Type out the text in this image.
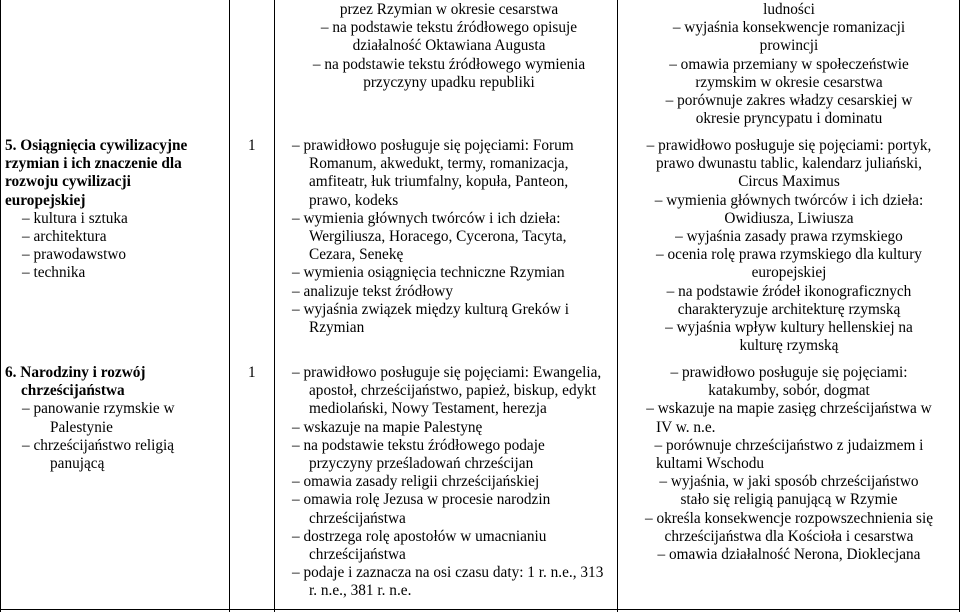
5. Osiągnięcia cywilizacyjne
rzymian i ich znaczenie dla
rozwoju cywilizacji
europejskiej
– kultura i sztuka
– architektura
– prawodawstwo
– technika
6. Narodziny i rozwój
chrześcijaństwa
– panowanie rzymskie w
Palestynie
– chrześcijaństwo religią
panującą
1
1
przez Rzymian w okresie cesarstwa
– na podstawie tekstu źródłowego opisuje
działalność Oktawiana Augusta
– na podstawie tekstu źródłowego wymienia
przyczyny upadku republiki
– prawidłowo posługuje się pojęciami: Forum
Romanum, akwedukt, termy, romanizacja,
amfiteatr, łuk triumfalny, kopuła, Panteon,
prawo, kodeks
– wymienia głównych twórców i ich dzieła:
Wergiliusza, Horacego, Cycerona, Tacyta,
Cezara, Senekę
– wymienia osiągnięcia techniczne Rzymian
– analizuje tekst źródłowy
– wyjaśnia związek między kulturą Greków i
Rzymian
– prawidłowo posługuje się pojęciami: Ewangelia,
apostoł, chrześcijaństwo, papież, biskup, edykt
mediolański, Nowy Testament, herezja
– wskazuje na mapie Palestynę
– na podstawie tekstu źródłowego podaje
przyczyny prześladowań chrześcijan
– omawia zasady religii chrześcijańskiej
– omawia rolę Jezusa w procesie narodzin
chrześcijaństwa
– dostrzega rolę apostołów w umacnianiu
chrześcijaństwa
– podaje i zaznacza na osi czasu daty: 1 r. n.e., 313
r. n.e., 381 r. n.e.
ludności
– wyjaśnia konsekwencje romanizacji
prowincji
– omawia przemiany w społeczeństwie
rzymskim w okresie cesarstwa
– porównuje zakres władzy cesarskiej w
okresie pryncypatu i dominatu
– prawidłowo posługuje się pojęciami: portyk,
prawo dwunastu tablic, kalendarz juliański,
Circus Maximus
– wymienia głównych twórców i ich dzieła:
Owidiusza, Liwiusza
– wyjaśnia zasady prawa rzymskiego
– ocenia rolę prawa rzymskiego dla kultury
europejskiej
– na podstawie źródeł ikonograficznych
charakteryzuje architekturę rzymską
– wyjaśnia wpływ kultury hellenskiej na
kulturę rzymską
– prawidłowo posługuje się pojęciami:
katakumby, sobór, dogmat
– wskazuje na mapie zasięg chrześcijaństwa w
IV w. n.e.
– porównuje chrześcijaństwo z judaizmem i
kultami Wschodu
– wyjaśnia, w jaki sposób chrześcijaństwo
stało się religią panującą w Rzymie
– określa konsekwencje rozpowszechnienia się
chrześcijaństwa dla Kościoła i cesarstwa
– omawia działalność Nerona, Dioklecjana
